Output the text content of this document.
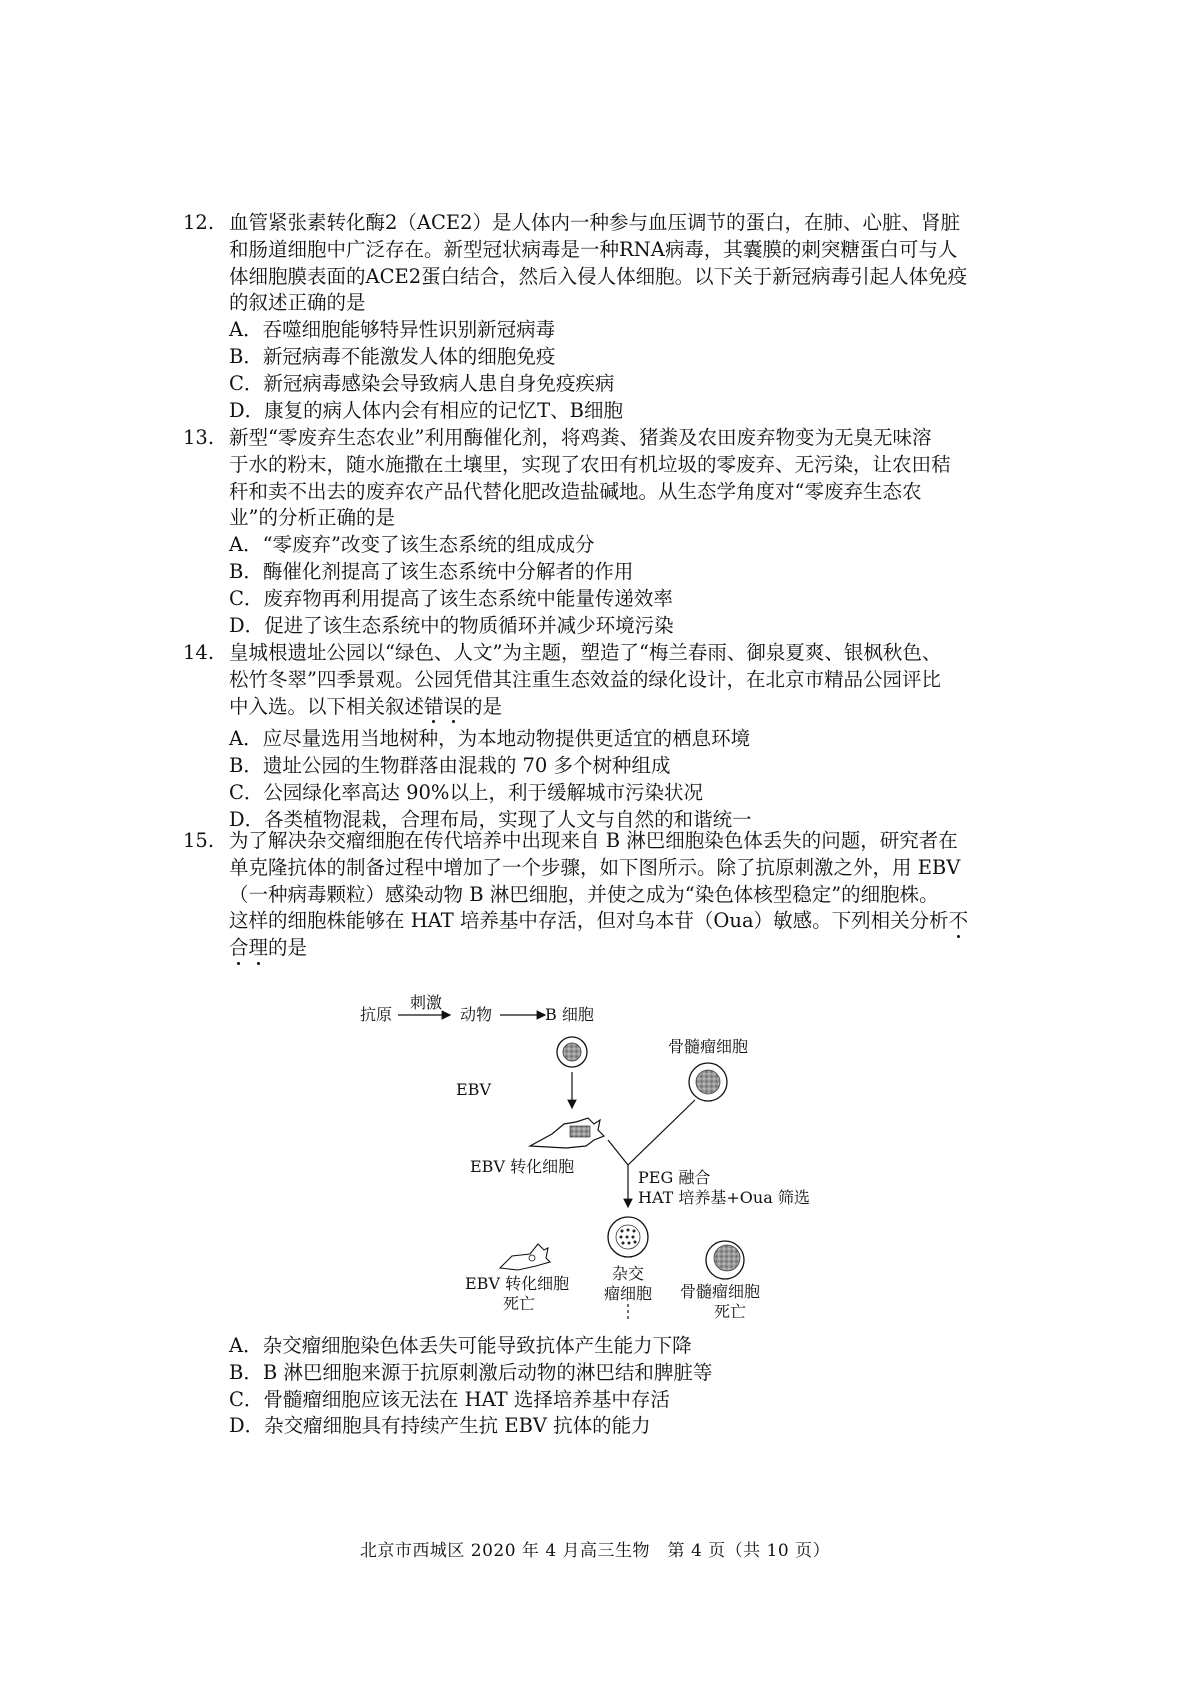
12. 血管紧张素转化酶2（ACE2）是人体内一种参与血压调节的蛋白，在肺、心脏、肾脏
和肠道细胞中广泛存在。新型冠状病毒是一种RNA病毒，其囊膜的刺突糖蛋白可与人
体细胞膜表面的ACE2蛋白结合，然后入侵人体细胞。以下关于新冠病毒引起人体免疫
的叙述正确的是
A．吞噬细胞能够特异性识别新冠病毒
B．新冠病毒不能激发人体的细胞免疫
C．新冠病毒感染会导致病人患自身免疫疾病
D．康复的病人体内会有相应的记忆T、B细胞
13. 新型“零废弃生态农业”利用酶催化剂，将鸡粪、猪粪及农田废弃物变为无臭无味溶
于水的粉末，随水施撒在土壤里，实现了农田有机垃圾的零废弃、无污染，让农田秸
秆和卖不出去的废弃农产品代替化肥改造盐碱地。从生态学角度对“零废弃生态农
业”的分析正确的是
A．“零废弃”改变了该生态系统的组成成分
B．酶催化剂提高了该生态系统中分解者的作用
C．废弃物再利用提高了该生态系统中能量传递效率
D．促进了该生态系统中的物质循环并减少环境污染
14. 皇城根遗址公园以“绿色、人文”为主题，塑造了“梅兰春雨、御泉夏爽、银枫秋色、
松竹冬翠”四季景观。公园凭借其注重生态效益的绿化设计，在北京市精品公园评比
中入选。以下相关叙述错误的是
A．应尽量选用当地树种，为本地动物提供更适宜的栖息环境
B．遗址公园的生物群落由混栽的 70 多个树种组成
C．公园绿化率高达 90%以上，利于缓解城市污染状况
D．各类植物混栽，合理布局，实现了人文与自然的和谐统一
15. 为了解决杂交瘤细胞在传代培养中出现来自 B 淋巴细胞染色体丢失的问题，研究者在
单克隆抗体的制备过程中增加了一个步骤，如下图所示。除了抗原刺激之外，用 EBV
（一种病毒颗粒）感染动物 B 淋巴细胞，并使之成为“染色体核型稳定”的细胞株。
这样的细胞株能够在 HAT 培养基中存活，但对乌本苷（Oua）敏感。下列相关分析不
合理的是
A．杂交瘤细胞染色体丢失可能导致抗体产生能力下降
B．B 淋巴细胞来源于抗原刺激后动物的淋巴结和脾脏等
C．骨髓瘤细胞应该无法在 HAT 选择培养基中存活
D．杂交瘤细胞具有持续产生抗 EBV 抗体的能力
抗原
刺激
动物	B 细胞
EBV
骨髓瘤细胞
EBV 转化细胞
PEG 融合
HAT 培养基+Oua 筛选
EBV 转化细胞
死亡
杂交
瘤细胞 骨髓瘤细胞
死亡
北京市西城区 2020 年 4 月高三生物　第 4 页（共 10 页）
